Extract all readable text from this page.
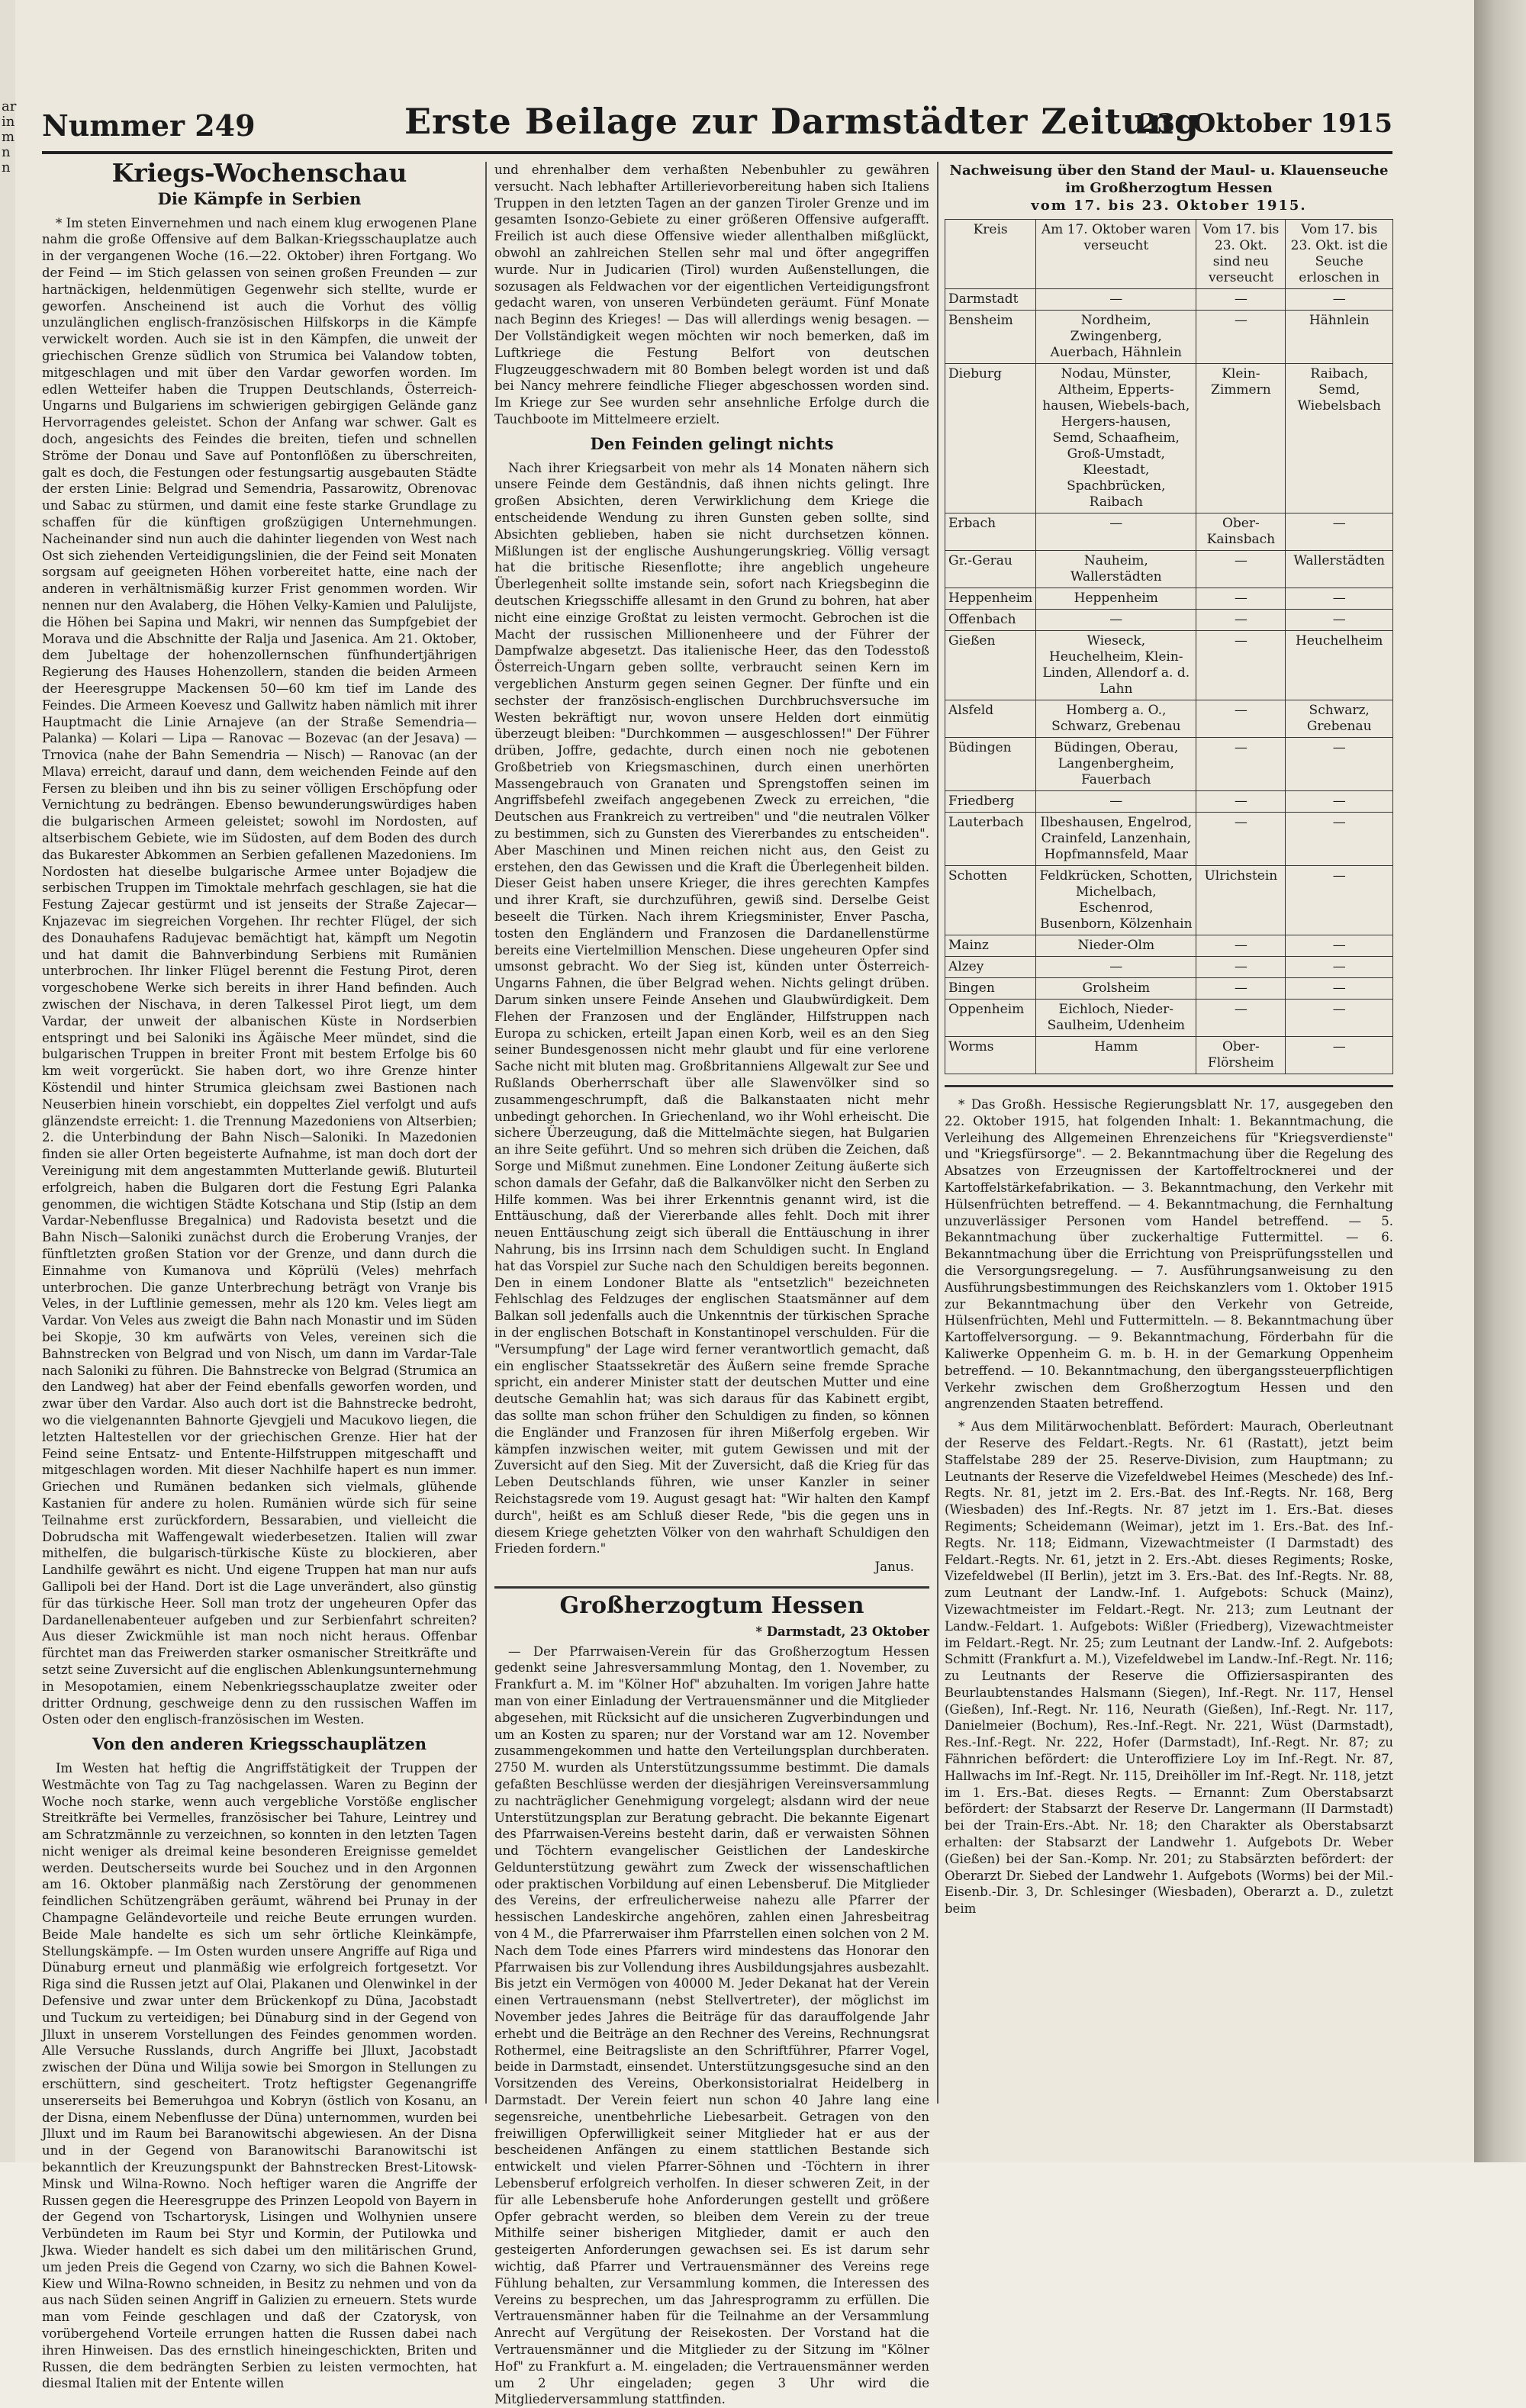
ar
in
m
n
n
Nummer 249	Erste Beilage zur Darmstädter Zeitung
23. Oktober 1915
Kriegs-Wochenschau
Die Kämpfe in Serbien

* Im steten Einvernehmen und nach einem klug erwogenen Plane nahm die große Offensive auf dem Balkan-Kriegsschauplatze auch in der vergangenen Woche (16.—22. Oktober) ihren Fortgang. Wo der Feind — im Stich gelassen von seinen großen Freunden — zur hartnäckigen, heldenmütigen Gegenwehr sich stellte, wurde er geworfen. Anscheinend ist auch die Vorhut des völlig unzulänglichen englisch-französischen Hilfskorps in die Kämpfe verwickelt worden. Auch sie ist in den Kämpfen, die unweit der griechischen Grenze südlich von Strumica bei Valandow tobten, mitgeschlagen und mit über den Vardar geworfen worden. Im edlen Wetteifer haben die Truppen Deutschlands, Österreich-Ungarns und Bulgariens im schwierigen gebirgigen Gelände ganz Hervorragendes geleistet. Schon der Anfang war schwer. Galt es doch, angesichts des Feindes die breiten, tiefen und schnellen Ströme der Donau und Save auf Pontonflößen zu überschreiten, galt es doch, die Festungen oder festungsartig ausgebauten Städte der ersten Linie: Belgrad und Semendria, Passarowitz, Obrenovac und Sabac zu stürmen, und damit eine feste starke Grundlage zu schaffen für die künftigen großzügigen Unternehmungen. Nacheinander sind nun auch die dahinter liegenden von West nach Ost sich ziehenden Verteidigungslinien, die der Feind seit Monaten sorgsam auf geeigneten Höhen vorbereitet hatte, eine nach der anderen in verhältnismäßig kurzer Frist genommen worden. Wir nennen nur den Avalaberg, die Höhen Velky-Kamien und Palulijste, die Höhen bei Sapina und Makri, wir nennen das Sumpfgebiet der Morava und die Abschnitte der Ralja und Jasenica. Am 21. Oktober, dem Jubeltage der hohenzollernschen fünfhundertjährigen Regierung des Hauses Hohenzollern, standen die beiden Armeen der Heeresgruppe Mackensen 50—60 km tief im Lande des Feindes. Die Armeen Koevesz und Gallwitz haben nämlich mit ihrer Hauptmacht die Linie Arnajeve (an der Straße Semendria—Palanka) — Kolari — Lipa — Ranovac — Bozevac (an der Jesava) — Trnovica (nahe der Bahn Semendria — Nisch) — Ranovac (an der Mlava) erreicht, darauf und dann, dem weichenden Feinde auf den Fersen zu bleiben und ihn bis zu seiner völligen Erschöpfung oder Vernichtung zu bedrängen. Ebenso bewunderungswürdiges haben die bulgarischen Armeen geleistet; sowohl im Nordosten, auf altserbischem Gebiete, wie im Südosten, auf dem Boden des durch das Bukarester Abkommen an Serbien gefallenen Mazedoniens. Im Nordosten hat dieselbe bulgarische Armee unter Bojadjew die serbischen Truppen im Timoktale mehrfach geschlagen, sie hat die Festung Zajecar gestürmt und ist jenseits der Straße Zajecar—Knjazevac im siegreichen Vorgehen. Ihr rechter Flügel, der sich des Donauhafens Radujevac bemächtigt hat, kämpft um Negotin und hat damit die Bahnverbindung Serbiens mit Rumänien unterbrochen. Ihr linker Flügel berennt die Festung Pirot, deren vorgeschobene Werke sich bereits in ihrer Hand befinden. Auch zwischen der Nischava, in deren Talkessel Pirot liegt, um dem Vardar, der unweit der albanischen Küste in Nordserbien entspringt und bei Saloniki ins Ägäische Meer mündet, sind die bulgarischen Truppen in breiter Front mit bestem Erfolge bis 60 km weit vorgerückt. Sie haben dort, wo ihre Grenze hinter Köstendil und hinter Strumica gleichsam zwei Bastionen nach Neuserbien hinein vorschiebt, ein doppeltes Ziel verfolgt und aufs glänzendste erreicht: 1. die Trennung Mazedoniens von Altserbien; 2. die Unterbindung der Bahn Nisch—Saloniki. In Mazedonien finden sie aller Orten begeisterte Aufnahme, ist man doch dort der Vereinigung mit dem angestammten Mutterlande gewiß. Bluturteil erfolgreich, haben die Bulgaren dort die Festung Egri Palanka genommen, die wichtigen Städte Kotschana und Stip (Istip an dem Vardar-Nebenflusse Bregalnica) und Radovista besetzt und die Bahn Nisch—Saloniki zunächst durch die Eroberung Vranjes, der fünftletzten großen Station vor der Grenze, und dann durch die Einnahme von Kumanova und Köprülü (Veles) mehrfach unterbrochen. Die ganze Unterbrechung beträgt von Vranje bis Veles, in der Luftlinie gemessen, mehr als 120 km. Veles liegt am Vardar. Von Veles aus zweigt die Bahn nach Monastir und im Süden bei Skopje, 30 km aufwärts von Veles, vereinen sich die Bahnstrecken von Belgrad und von Nisch, um dann im Vardar-Tale nach Saloniki zu führen. Die Bahnstrecke von Belgrad (Strumica an den Landweg) hat aber der Feind ebenfalls geworfen worden, und zwar über den Vardar. Also auch dort ist die Bahnstrecke bedroht, wo die vielgenannten Bahnorte Gjevgjeli und Macukovo liegen, die letzten Haltestellen vor der griechischen Grenze. Hier hat der Feind seine Entsatz- und Entente-Hilfstruppen mitgeschafft und mitgeschlagen worden. Mit dieser Nachhilfe hapert es nun immer. Griechen und Rumänen bedanken sich vielmals, glühende Kastanien für andere zu holen. Rumänien würde sich für seine Teilnahme erst zurückfordern, Bessarabien, und vielleicht die Dobrudscha mit Waffengewalt wiederbesetzen. Italien will zwar mithelfen, die bulgarisch-türkische Küste zu blockieren, aber Landhilfe gewährt es nicht. Und eigene Truppen hat man nur aufs Gallipoli bei der Hand. Dort ist die Lage unverändert, also günstig für das türkische Heer. Soll man trotz der ungeheuren Opfer das Dardanellenabenteuer aufgeben und zur Serbienfahrt schreiten? Aus dieser Zwickmühle ist man noch nicht heraus. Offenbar fürchtet man das Freiwerden starker osmanischer Streitkräfte und setzt seine Zuversicht auf die englischen Ablenkungsunternehmung in Mesopotamien, einem Nebenkriegsschauplatze zweiter oder dritter Ordnung, geschweige denn zu den russischen Waffen im Osten oder den englisch-französischen im Westen.

Von den anderen Kriegsschauplätzen

Im Westen hat heftig die Angriffstätigkeit der Truppen der Westmächte von Tag zu Tag nachgelassen. Waren zu Beginn der Woche noch starke, wenn auch vergebliche Vorstöße englischer Streitkräfte bei Vermelles, französischer bei Tahure, Leintrey und am Schratzmännle zu verzeichnen, so konnten in den letzten Tagen nicht weniger als dreimal keine besonderen Ereignisse gemeldet werden. Deutscherseits wurde bei Souchez und in den Argonnen am 16. Oktober planmäßig nach Zerstörung der genommenen feindlichen Schützengräben geräumt, während bei Prunay in der Champagne Geländevorteile und reiche Beute errungen wurden. Beide Male handelte es sich um sehr örtliche Kleinkämpfe, Stellungskämpfe. — Im Osten wurden unsere Angriffe auf Riga und Dünaburg erneut und planmäßig wie erfolgreich fortgesetzt. Vor Riga sind die Russen jetzt auf Olai, Plakanen und Olenwinkel in der Defensive und zwar unter dem Brückenkopf zu Düna, Jacobstadt und Tuckum zu verteidigen; bei Dünaburg sind in der Gegend von Jlluxt in unserem Vorstellungen des Feindes genommen worden. Alle Versuche Russlands, durch Angriffe bei Jlluxt, Jacobstadt zwischen der Düna und Wilija sowie bei Smorgon in Stellungen zu erschüttern, sind gescheitert. Trotz heftigster Gegenangriffe unsererseits bei Bemeruhgoa und Kobryn (östlich von Kosanu, an der Disna, einem Nebenflusse der Düna) unternommen, wurden bei Jlluxt und im Raum bei Baranowitschi abgewiesen. An der Disna und in der Gegend von Baranowitschi Baranowitschi ist bekanntlich der Kreuzungspunkt der Bahnstrecken Brest-Litowsk-Minsk und Wilna-Rowno. Noch heftiger waren die Angriffe der Russen gegen die Heeresgruppe des Prinzen Leopold von Bayern in der Gegend von Tschartorysk, Lisingen und Wolhynien unsere Verbündeten im Raum bei Styr und Kormin, der Putilowka und Jkwa. Wieder handelt es sich dabei um den militärischen Grund, um jeden Preis die Gegend von Czarny, wo sich die Bahnen Kowel-Kiew und Wilna-Rowno schneiden, in Besitz zu nehmen und von da aus nach Süden seinen Angriff in Galizien zu erneuern. Stets wurde man vom Feinde geschlagen und daß der Czatorysk, von vorübergehend Vorteile errungen hatten die Russen dabei nach ihren Hinweisen. Das des ernstlich hineingeschickten, Briten und Russen, die dem bedrängten Serbien zu leisten vermochten, hat diesmal Italien mit der Entente willen

und ehrenhalber dem verhaßten Nebenbuhler zu gewähren versucht. Nach lebhafter Artillerievorbereitung haben sich Italiens Truppen in den letzten Tagen an der ganzen Tiroler Grenze und im gesamten Isonzo-Gebiete zu einer größeren Offensive aufgerafft. Freilich ist auch diese Offensive wieder allenthalben mißglückt, obwohl an zahlreichen Stellen sehr mal und öfter angegriffen wurde. Nur in Judicarien (Tirol) wurden Außenstellungen, die sozusagen als Feldwachen vor der eigentlichen Verteidigungsfront gedacht waren, von unseren Verbündeten geräumt. Fünf Monate nach Beginn des Krieges! — Das will allerdings wenig besagen. — Der Vollständigkeit wegen möchten wir noch bemerken, daß im Luftkriege die Festung Belfort von deutschen Flugzeuggeschwadern mit 80 Bomben belegt worden ist und daß bei Nancy mehrere feindliche Flieger abgeschossen worden sind. Im Kriege zur See wurden sehr ansehnliche Erfolge durch die Tauchboote im Mittelmeere erzielt.

Den Feinden gelingt nichts

Nach ihrer Kriegsarbeit von mehr als 14 Monaten nähern sich unsere Feinde dem Geständnis, daß ihnen nichts gelingt. Ihre großen Absichten, deren Verwirklichung dem Kriege die entscheidende Wendung zu ihren Gunsten geben sollte, sind Absichten geblieben, haben sie nicht durchsetzen können. Mißlungen ist der englische Aushungerungskrieg. Völlig versagt hat die britische Riesenflotte; ihre angeblich ungeheure Überlegenheit sollte imstande sein, sofort nach Kriegsbeginn die deutschen Kriegsschiffe allesamt in den Grund zu bohren, hat aber nicht eine einzige Großtat zu leisten vermocht. Gebrochen ist die Macht der russischen Millionenheere und der Führer der Dampfwalze abgesetzt. Das italienische Heer, das den Todesstoß Österreich-Ungarn geben sollte, verbraucht seinen Kern im vergeblichen Ansturm gegen seinen Gegner. Der fünfte und ein sechster der französisch-englischen Durchbruchsversuche im Westen bekräftigt nur, wovon unsere Helden dort einmütig überzeugt bleiben: "Durchkommen — ausgeschlossen!" Der Führer drüben, Joffre, gedachte, durch einen noch nie gebotenen Großbetrieb von Kriegsmaschinen, durch einen unerhörten Massengebrauch von Granaten und Sprengstoffen seinen im Angriffsbefehl zweifach angegebenen Zweck zu erreichen, "die Deutschen aus Frankreich zu vertreiben" und "die neutralen Völker zu bestimmen, sich zu Gunsten des Viererbandes zu entscheiden". Aber Maschinen und Minen reichen nicht aus, den Geist zu erstehen, den das Gewissen und die Kraft die Überlegenheit bilden. Dieser Geist haben unsere Krieger, die ihres gerechten Kampfes und ihrer Kraft, sie durchzuführen, gewiß sind. Derselbe Geist beseelt die Türken. Nach ihrem Kriegsminister, Enver Pascha, tosten den Engländern und Franzosen die Dardanellenstürme bereits eine Viertelmillion Menschen. Diese ungeheuren Opfer sind umsonst gebracht. Wo der Sieg ist, künden unter Österreich-Ungarns Fahnen, die über Belgrad wehen. Nichts gelingt drüben. Darum sinken unsere Feinde Ansehen und Glaubwürdigkeit. Dem Flehen der Franzosen und der Engländer, Hilfstruppen nach Europa zu schicken, erteilt Japan einen Korb, weil es an den Sieg seiner Bundesgenossen nicht mehr glaubt und für eine verlorene Sache nicht mit bluten mag. Großbritanniens Allgewalt zur See und Rußlands Oberherrschaft über alle Slawenvölker sind so zusammengeschrumpft, daß die Balkanstaaten nicht mehr unbedingt gehorchen. In Griechenland, wo ihr Wohl erheischt. Die sichere Überzeugung, daß die Mittelmächte siegen, hat Bulgarien an ihre Seite geführt. Und so mehren sich drüben die Zeichen, daß Sorge und Mißmut zunehmen. Eine Londoner Zeitung äußerte sich schon damals der Gefahr, daß die Balkanvölker nicht den Serben zu Hilfe kommen. Was bei ihrer Erkenntnis genannt wird, ist die Enttäuschung, daß der Viererbande alles fehlt. Doch mit ihrer neuen Enttäuschung zeigt sich überall die Enttäuschung in ihrer Nahrung, bis ins Irrsinn nach dem Schuldigen sucht. In England hat das Vorspiel zur Suche nach den Schuldigen bereits begonnen. Den in einem Londoner Blatte als "entsetzlich" bezeichneten Fehlschlag des Feldzuges der englischen Staatsmänner auf dem Balkan soll jedenfalls auch die Unkenntnis der türkischen Sprache in der englischen Botschaft in Konstantinopel verschulden. Für die "Versumpfung" der Lage wird ferner verantwortlich gemacht, daß ein englischer Staatssekretär des Äußern seine fremde Sprache spricht, ein anderer Minister statt der deutschen Mutter und eine deutsche Gemahlin hat; was sich daraus für das Kabinett ergibt, das sollte man schon früher den Schuldigen zu finden, so können die Engländer und Franzosen für ihren Mißerfolg ergeben. Wir kämpfen inzwischen weiter, mit gutem Gewissen und mit der Zuversicht auf den Sieg. Mit der Zuversicht, daß die Krieg für das Leben Deutschlands führen, wie unser Kanzler in seiner Reichstagsrede vom 19. August gesagt hat: "Wir halten den Kampf durch", heißt es am Schluß dieser Rede, "bis die gegen uns in diesem Kriege gehetzten Völker von den wahrhaft Schuldigen den Frieden fordern."

Janus.
Großherzogtum Hessen
* Darmstadt, 23 Oktober

— Der Pfarrwaisen-Verein für das Großherzogtum Hessen gedenkt seine Jahresversammlung Montag, den 1. November, zu Frankfurt a. M. im "Kölner Hof" abzuhalten. Im vorigen Jahre hatte man von einer Einladung der Vertrauensmänner und die Mitglieder abgesehen, mit Rücksicht auf die unsicheren Zugverbindungen und um an Kosten zu sparen; nur der Vorstand war am 12. November zusammengekommen und hatte den Verteilungsplan durchberaten. 2750 M. wurden als Unterstützungssumme bestimmt. Die damals gefaßten Beschlüsse werden der diesjährigen Vereinsversammlung zu nachträglicher Genehmigung vorgelegt; alsdann wird der neue Unterstützungsplan zur Beratung gebracht. Die bekannte Eigenart des Pfarrwaisen-Vereins besteht darin, daß er verwaisten Söhnen und Töchtern evangelischer Geistlichen der Landeskirche Geldunterstützung gewährt zum Zweck der wissenschaftlichen oder praktischen Vorbildung auf einen Lebensberuf. Die Mitglieder des Vereins, der erfreulicherweise nahezu alle Pfarrer der hessischen Landeskirche angehören, zahlen einen Jahresbeitrag von 4 M., die Pfarrerwaiser ihm Pfarrstellen einen solchen von 2 M. Nach dem Tode eines Pfarrers wird mindestens das Honorar den Pfarrwaisen bis zur Vollendung ihres Ausbildungsjahres ausbezahlt. Bis jetzt ein Vermögen von 40000 M. Jeder Dekanat hat der Verein einen Vertrauensmann (nebst Stellvertreter), der möglichst im November jedes Jahres die Beiträge für das darauffolgende Jahr erhebt und die Beiträge an den Rechner des Vereins, Rechnungsrat Rothermel, eine Beitragsliste an den Schriftführer, Pfarrer Vogel, beide in Darmstadt, einsendet. Unterstützungsgesuche sind an den Vorsitzenden des Vereins, Oberkonsistorialrat Heidelberg in Darmstadt. Der Verein feiert nun schon 40 Jahre lang eine segensreiche, unentbehrliche Liebesarbeit. Getragen von den freiwilligen Opferwilligkeit seiner Mitglieder hat er aus der bescheidenen Anfängen zu einem stattlichen Bestande sich entwickelt und vielen Pfarrer-Söhnen und -Töchtern in ihrer Lebensberuf erfolgreich verholfen. In dieser schweren Zeit, in der für alle Lebensberufe hohe Anforderungen gestellt und größere Opfer gebracht werden, so bleiben dem Verein zu der treue Mithilfe seiner bisherigen Mitglieder, damit er auch den gesteigerten Anforderungen gewachsen sei. Es ist darum sehr wichtig, daß Pfarrer und Vertrauensmänner des Vereins rege Fühlung behalten, zur Versammlung kommen, die Interessen des Vereins zu besprechen, um das Jahresprogramm zu erfüllen. Die Vertrauensmänner haben für die Teilnahme an der Versammlung Anrecht auf Vergütung der Reisekosten. Der Vorstand hat die Vertrauensmänner und die Mitglieder zu der Sitzung im "Kölner Hof" zu Frankfurt a. M. eingeladen; die Vertrauensmänner werden um 2 Uhr eingeladen; gegen 3 Uhr wird die Mitgliederversammlung stattfinden.

Nachweisung über den Stand der Maul- u. Klauenseuche
im Großherzogtum Hessen
vom 17. bis 23. Oktober 1915.
Kreis	Am 17. Oktober waren verseucht	Vom 17. bis 23. Okt. sind neu verseucht	Vom 17. bis 23. Okt. ist die Seuche erloschen in
Darmstadt	—	—	—
Bensheim	Nordheim, Zwingenberg, Auerbach, Hähnlein	—	Hähnlein
Dieburg	Nodau, Münster, Altheim, Epperts-hausen, Wiebels-bach, Hergers-hausen, Semd, Schaafheim, Groß-Umstadt, Kleestadt, Spachbrücken, Raibach	Klein-Zimmern	Raibach, Semd, Wiebelsbach
Erbach	—	Ober-Kainsbach	—
Gr.-Gerau	Nauheim, Wallerstädten	—	Wallerstädten
Heppenheim	Heppenheim	—	—
Offenbach	—	—	—
Gießen	Wieseck, Heuchelheim, Klein-Linden, Allendorf a. d. Lahn	—	Heuchelheim
Alsfeld	Homberg a. O., Schwarz, Grebenau	—	Schwarz, Grebenau
Büdingen	Büdingen, Oberau, Langenbergheim, Fauerbach	—	—
Friedberg	—	—	—
Lauterbach	Ilbeshausen, Engelrod, Crainfeld, Lanzenhain, Hopfmannsfeld, Maar	—	—
Schotten	Feldkrücken, Schotten, Michelbach, Eschenrod, Busenborn, Kölzenhain	Ulrichstein	—
Mainz	Nieder-Olm	—	—
Alzey	—	—	—
Bingen	Grolsheim	—	—
Oppenheim	Eichloch, Nieder-Saulheim, Udenheim	—	—
Worms	Hamm	Ober-Flörsheim	—

* Das Großh. Hessische Regierungsblatt Nr. 17, ausgegeben den 22. Oktober 1915, hat folgenden Inhalt: 1. Bekanntmachung, die Verleihung des Allgemeinen Ehrenzeichens für "Kriegsverdienste" und "Kriegsfürsorge". — 2. Bekanntmachung über die Regelung des Absatzes von Erzeugnissen der Kartoffeltrocknerei und der Kartoffelstärkefabrikation. — 3. Bekanntmachung, den Verkehr mit Hülsenfrüchten betreffend. — 4. Bekanntmachung, die Fernhaltung unzuverlässiger Personen vom Handel betreffend. — 5. Bekanntmachung über zuckerhaltige Futtermittel. — 6. Bekanntmachung über die Errichtung von Preisprüfungsstellen und die Versorgungsregelung. — 7. Ausführungsanweisung zu den Ausführungsbestimmungen des Reichskanzlers vom 1. Oktober 1915 zur Bekanntmachung über den Verkehr von Getreide, Hülsenfrüchten, Mehl und Futtermitteln. — 8. Bekanntmachung über Kartoffelversorgung. — 9. Bekanntmachung, Förderbahn für die Kaliwerke Oppenheim G. m. b. H. in der Gemarkung Oppenheim betreffend. — 10. Bekanntmachung, den übergangssteuerpflichtigen Verkehr zwischen dem Großherzogtum Hessen und den angrenzenden Staaten betreffend.

* Aus dem Militärwochenblatt. Befördert: Maurach, Oberleutnant der Reserve des Feldart.-Regts. Nr. 61 (Rastatt), jetzt beim Staffelstabe 289 der 25. Reserve-Division, zum Hauptmann; zu Leutnants der Reserve die Vizefeldwebel Heimes (Meschede) des Inf.-Regts. Nr. 81, jetzt im 2. Ers.-Bat. des Inf.-Regts. Nr. 168, Berg (Wiesbaden) des Inf.-Regts. Nr. 87 jetzt im 1. Ers.-Bat. dieses Regiments; Scheidemann (Weimar), jetzt im 1. Ers.-Bat. des Inf.-Regts. Nr. 118; Eidmann, Vizewachtmeister (I Darmstadt) des Feldart.-Regts. Nr. 61, jetzt in 2. Ers.-Abt. dieses Regiments; Roske, Vizefeldwebel (II Berlin), jetzt im 3. Ers.-Bat. des Inf.-Regts. Nr. 88, zum Leutnant der Landw.-Inf. 1. Aufgebots: Schuck (Mainz), Vizewachtmeister im Feldart.-Regt. Nr. 213; zum Leutnant der Landw.-Feldart. 1. Aufgebots: Wißler (Friedberg), Vizewachtmeister im Feldart.-Regt. Nr. 25; zum Leutnant der Landw.-Inf. 2. Aufgebots: Schmitt (Frankfurt a. M.), Vizefeldwebel im Landw.-Inf.-Regt. Nr. 116; zu Leutnants der Reserve die Offiziersaspiranten des Beurlaubtenstandes Halsmann (Siegen), Inf.-Regt. Nr. 117, Hensel (Gießen), Inf.-Regt. Nr. 116, Neurath (Gießen), Inf.-Regt. Nr. 117, Danielmeier (Bochum), Res.-Inf.-Regt. Nr. 221, Wüst (Darmstadt), Res.-Inf.-Regt. Nr. 222, Hofer (Darmstadt), Inf.-Regt. Nr. 87; zu Fähnrichen befördert: die Unteroffiziere Loy im Inf.-Regt. Nr. 87, Hallwachs im Inf.-Regt. Nr. 115, Dreihöller im Inf.-Regt. Nr. 118, jetzt im 1. Ers.-Bat. dieses Regts. — Ernannt: Zum Oberstabsarzt befördert: der Stabsarzt der Reserve Dr. Langermann (II Darmstadt) bei der Train-Ers.-Abt. Nr. 18; den Charakter als Oberstabsarzt erhalten: der Stabsarzt der Landwehr 1. Aufgebots Dr. Weber (Gießen) bei der San.-Komp. Nr. 201; zu Stabsärzten befördert: der Oberarzt Dr. Siebed der Landwehr 1. Aufgebots (Worms) bei der Mil.-Eisenb.-Dir. 3, Dr. Schlesinger (Wiesbaden), Oberarzt a. D., zuletzt beim
